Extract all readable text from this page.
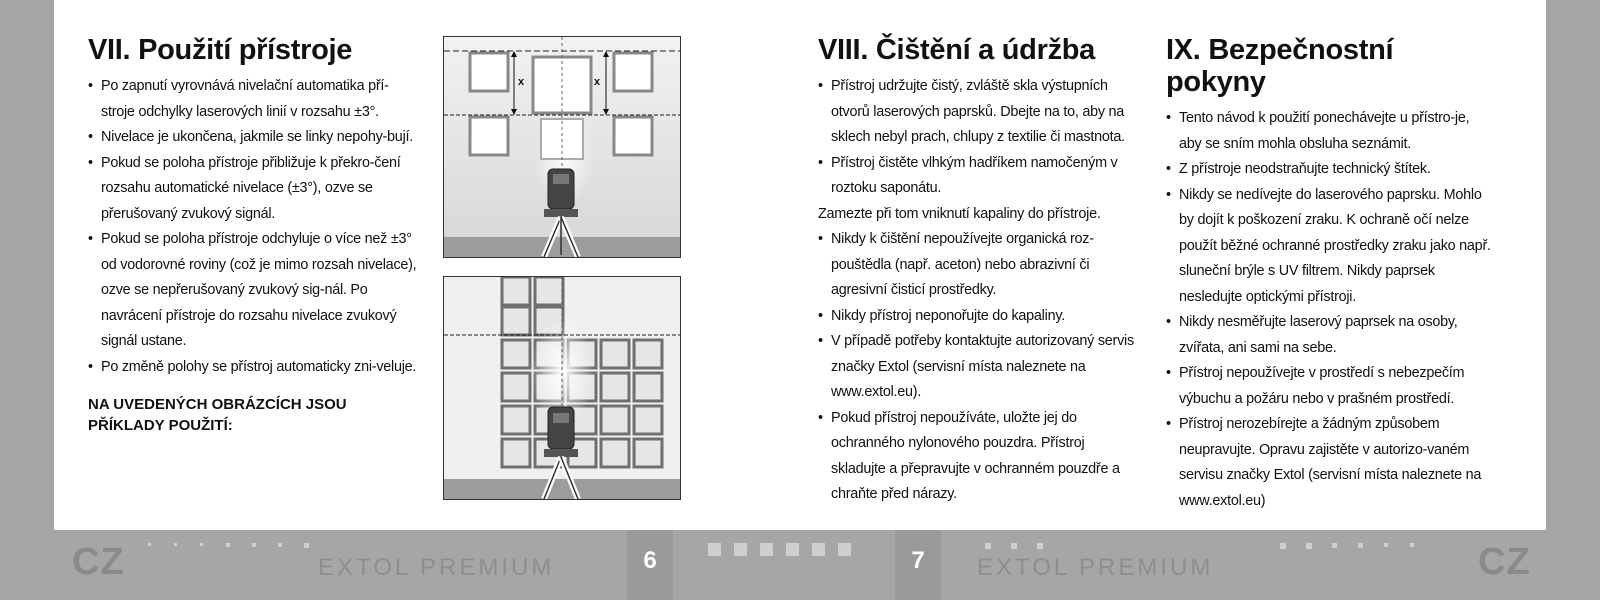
VII. Použití přístroje
• Po zapnutí vyrovnává nivelační automatika pří-stroje odchylky laserových linií v rozsahu ±3°.
• Nivelace je ukončena, jakmile se linky nepohy-bují.
• Pokud se poloha přístroje přibližuje k překro-čení rozsahu automatické nivelace (±3°), ozve se přerušovaný zvukový signál.
• Pokud se poloha přístroje odchyluje o více než ±3° od vodorovné roviny (což je mimo rozsah nivelace), ozve se nepřerušovaný zvukový sig-nál. Po navrácení přístroje do rozsahu nivelace zvukový signál ustane.
• Po změně polohy se přístroj automaticky zni-veluje.

NA UVEDENÝCH OBRÁZCÍCH JSOU PŘÍKLADY POUŽITÍ:

x	x
VIII. Čištění a údržba
• Přístroj udržujte čistý, zvláště skla výstupních otvorů laserových paprsků. Dbejte na to, aby na sklech nebyl prach, chlupy z textilie či mastnota.
• Přístroj čistěte vlhkým hadříkem namočeným v roztoku saponátu.

Zamezte při tom vniknutí kapaliny do přístroje.

• Nikdy k čištění nepoužívejte organická roz-pouštědla (např. aceton) nebo abrazivní či agresivní čisticí prostředky.
• Nikdy přístroj neponořujte do kapaliny.
• V případě potřeby kontaktujte autorizovaný servis značky Extol (servisní místa naleznete na www.extol.eu).
• Pokud přístroj nepoužíváte, uložte jej do ochranného nylonového pouzdra. Přístroj skladujte a přepravujte v ochranném pouzdře a chraňte před nárazy.
IX. Bezpečnostní pokyny
• Tento návod k použití ponechávejte u přístro-je, aby se sním mohla obsluha seznámit.
• Z přístroje neodstraňujte technický štítek.
• Nikdy se nedívejte do laserového paprsku. Mohlo by dojít k poškození zraku. K ochraně očí nelze použít běžné ochranné prostředky zraku jako např. sluneční brýle s UV filtrem. Nikdy paprsek nesledujte optickými přístroji.
• Nikdy nesměřujte laserový paprsek na osoby, zvířata, ani sami na sebe.
• Přístroj nepoužívejte v prostředí s nebezpečím výbuchu a požáru nebo v prašném prostředí.
• Přístroj nerozebírejte a žádným způsobem neupravujte. Opravu zajistěte v autorizo-vaném servisu značky Extol (servisní místa naleznete na www.extol.eu)
CZ	EXTOL PREMIUM	6	7	EXTOL PREMIUM	CZ
